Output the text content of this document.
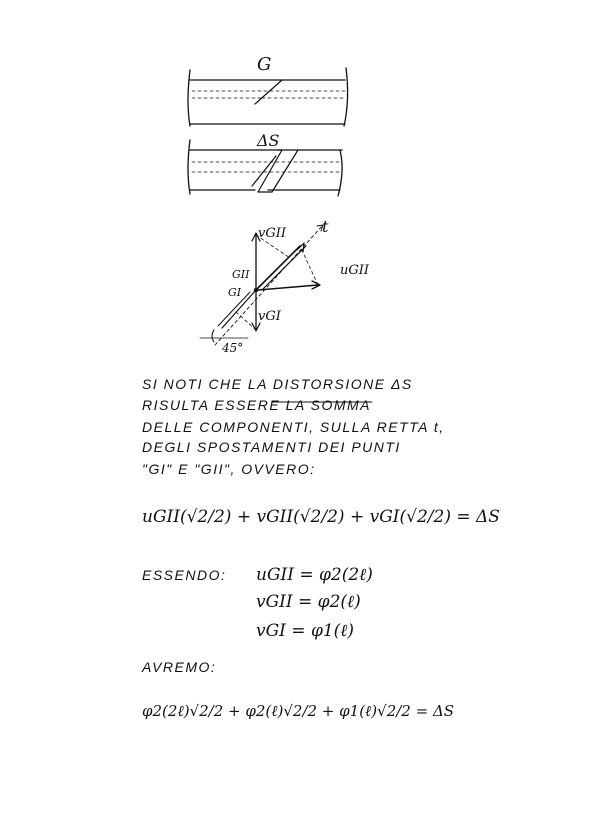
G
ΔS
t
vGII
uGII
GII
GI
vGI
45°
SI NOTI CHE LA DISTORSIONE ΔS
RISULTA ESSERE LA SOMMA
DELLE COMPONENTI, SULLA RETTA t,
DEGLI SPOSTAMENTI DEI PUNTI
"GI" E "GII", OVVERO:
uGII(√2/2) + vGII(√2/2) + vGI(√2/2) = ΔS
ESSENDO: uGII = φ2(2ℓ)
vGII = φ2(ℓ)
vGI = φ1(ℓ)
AVREMO:
φ2(2ℓ)√2/2 + φ2(ℓ)√2/2 + φ1(ℓ)√2/2 = ΔS
